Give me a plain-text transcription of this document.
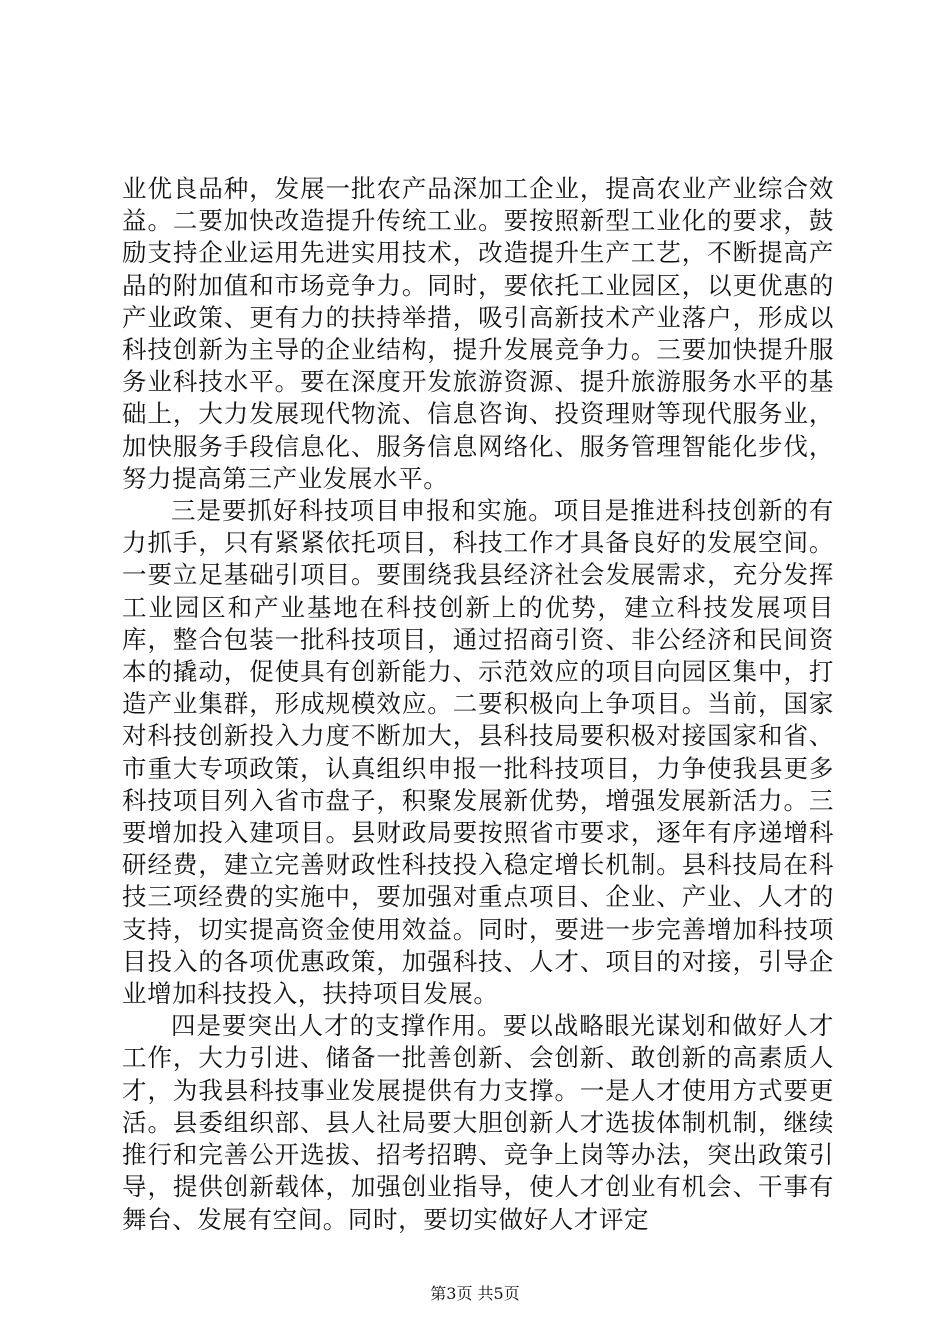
业优良品种，发展一批农产品深加工企业，提高农业产业综合效益。二要加快改造提升传统工业。要按照新型工业化的要求，鼓励支持企业运用先进实用技术，改造提升生产工艺，不断提高产品的附加值和市场竞争力。同时，要依托工业园区，以更优惠的产业政策、更有力的扶持举措，吸引高新技术产业落户，形成以科技创新为主导的企业结构，提升发展竞争力。三要加快提升服务业科技水平。要在深度开发旅游资源、提升旅游服务水平的基础上，大力发展现代物流、信息咨询、投资理财等现代服务业，加快服务手段信息化、服务信息网络化、服务管理智能化步伐，努力提高第三产业发展水平。

三是要抓好科技项目申报和实施。项目是推进科技创新的有力抓手，只有紧紧依托项目，科技工作才具备良好的发展空间。一要立足基础引项目。要围绕我县经济社会发展需求，充分发挥工业园区和产业基地在科技创新上的优势，建立科技发展项目库，整合包装一批科技项目，通过招商引资、非公经济和民间资本的撬动，促使具有创新能力、示范效应的项目向园区集中，打造产业集群，形成规模效应。二要积极向上争项目。当前，国家对科技创新投入力度不断加大，县科技局要积极对接国家和省、市重大专项政策，认真组织申报一批科技项目，力争使我县更多科技项目列入省市盘子，积聚发展新优势，增强发展新活力。三要增加投入建项目。县财政局要按照省市要求，逐年有序递增科研经费，建立完善财政性科技投入稳定增长机制。县科技局在科技三项经费的实施中，要加强对重点项目、企业、产业、人才的支持，切实提高资金使用效益。同时，要进一步完善增加科技项目投入的各项优惠政策，加强科技、人才、项目的对接，引导企业增加科技投入，扶持项目发展。

四是要突出人才的支撑作用。要以战略眼光谋划和做好人才工作，大力引进、储备一批善创新、会创新、敢创新的高素质人才，为我县科技事业发展提供有力支撑。一是人才使用方式要更活。县委组织部、县人社局要大胆创新人才选拔体制机制，继续推行和完善公开选拔、招考招聘、竞争上岗等办法，突出政策引导，提供创新载体，加强创业指导，使人才创业有机会、干事有舞台、发展有空间。同时，要切实做好人才评定

第3页 共5页
